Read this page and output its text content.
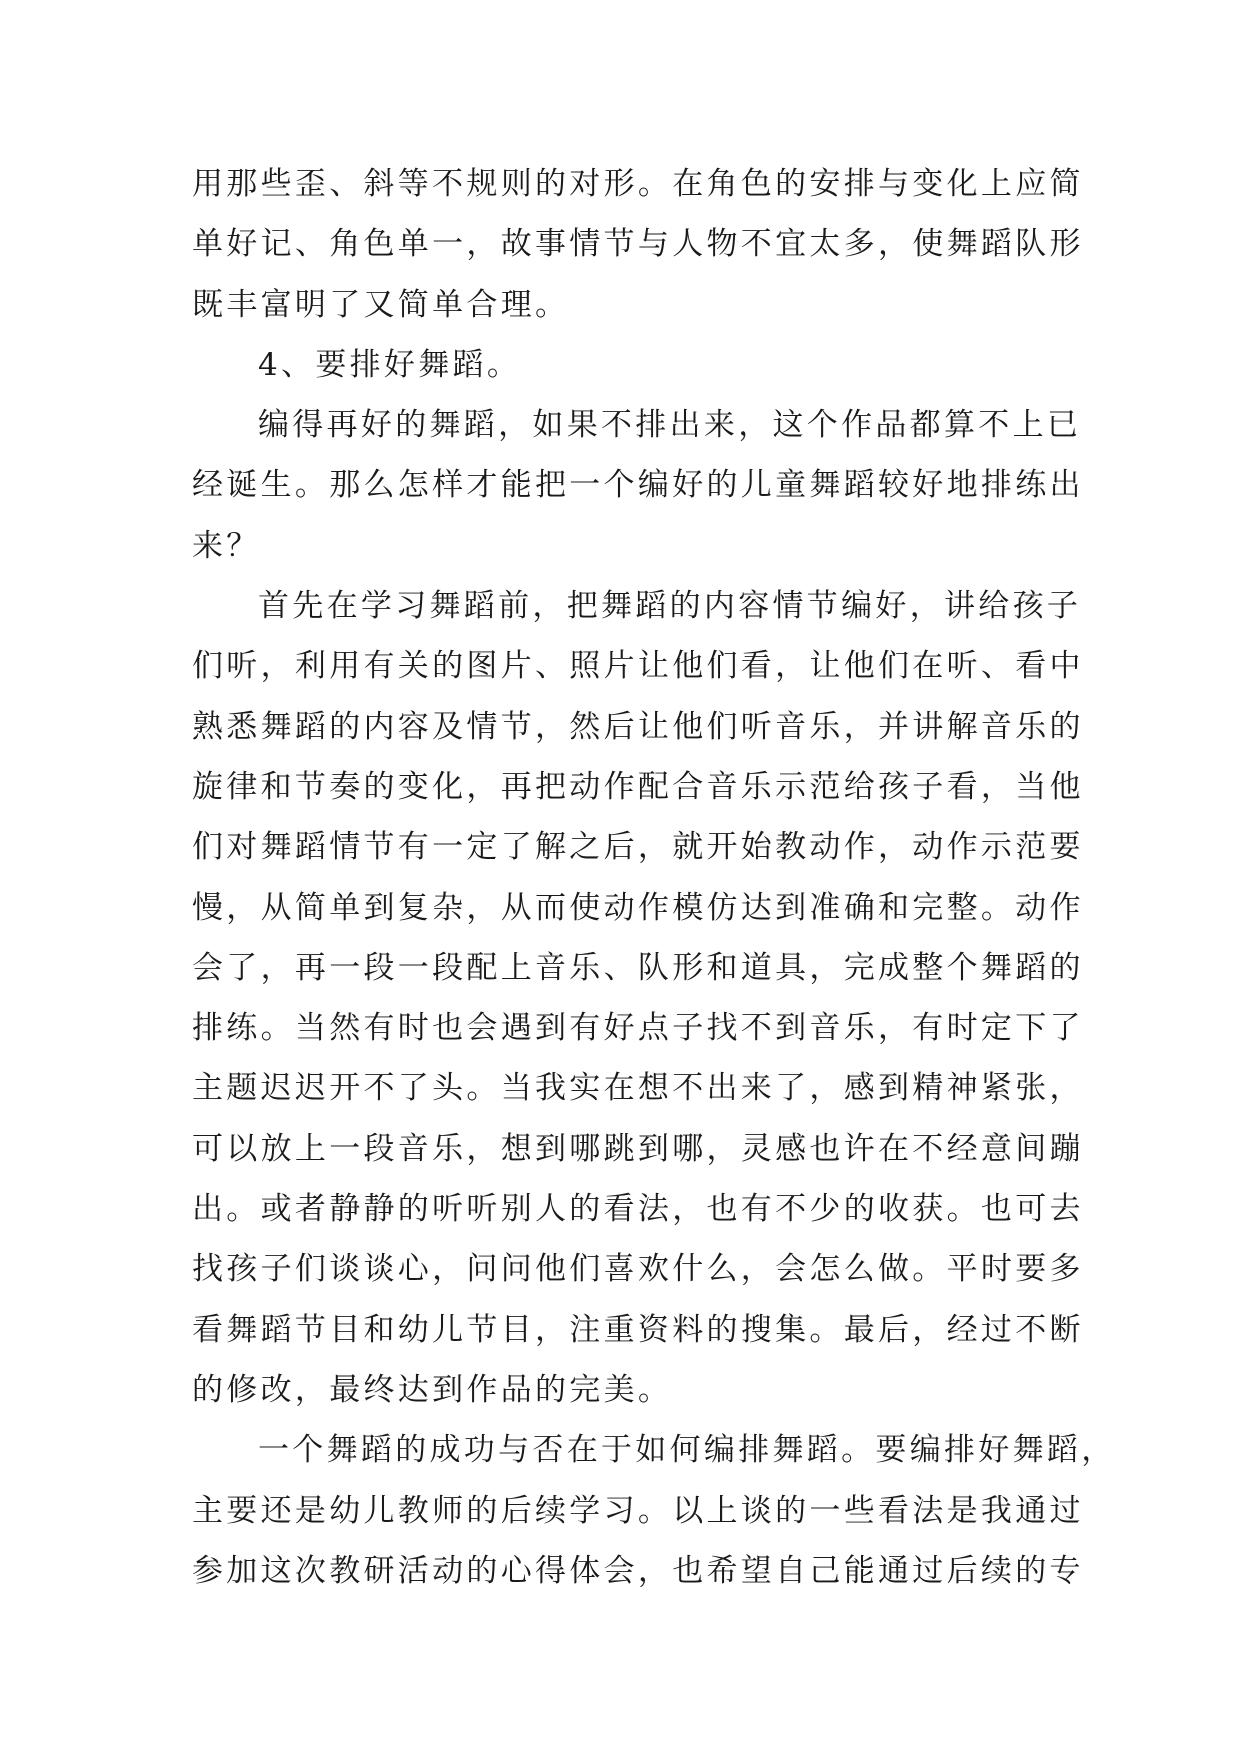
用那些歪、斜等不规则的对形。在角色的安排与变化上应简
单好记、角色单一，故事情节与人物不宜太多，使舞蹈队形
既丰富明了又简单合理。
4、要排好舞蹈。
编得再好的舞蹈，如果不排出来，这个作品都算不上已
经诞生。那么怎样才能把一个编好的儿童舞蹈较好地排练出
来？
首先在学习舞蹈前，把舞蹈的内容情节编好，讲给孩子
们听，利用有关的图片、照片让他们看，让他们在听、看中
熟悉舞蹈的内容及情节，然后让他们听音乐，并讲解音乐的
旋律和节奏的变化，再把动作配合音乐示范给孩子看，当他
们对舞蹈情节有一定了解之后，就开始教动作，动作示范要
慢，从简单到复杂，从而使动作模仿达到准确和完整。动作
会了，再一段一段配上音乐、队形和道具，完成整个舞蹈的
排练。当然有时也会遇到有好点子找不到音乐，有时定下了
主题迟迟开不了头。当我实在想不出来了，感到精神紧张，
可以放上一段音乐，想到哪跳到哪，灵感也许在不经意间蹦
出。或者静静的听听别人的看法，也有不少的收获。也可去
找孩子们谈谈心，问问他们喜欢什么，会怎么做。平时要多
看舞蹈节目和幼儿节目，注重资料的搜集。最后，经过不断
的修改，最终达到作品的完美。
一个舞蹈的成功与否在于如何编排舞蹈。要编排好舞蹈，
主要还是幼儿教师的后续学习。以上谈的一些看法是我通过
参加这次教研活动的心得体会，也希望自己能通过后续的专
